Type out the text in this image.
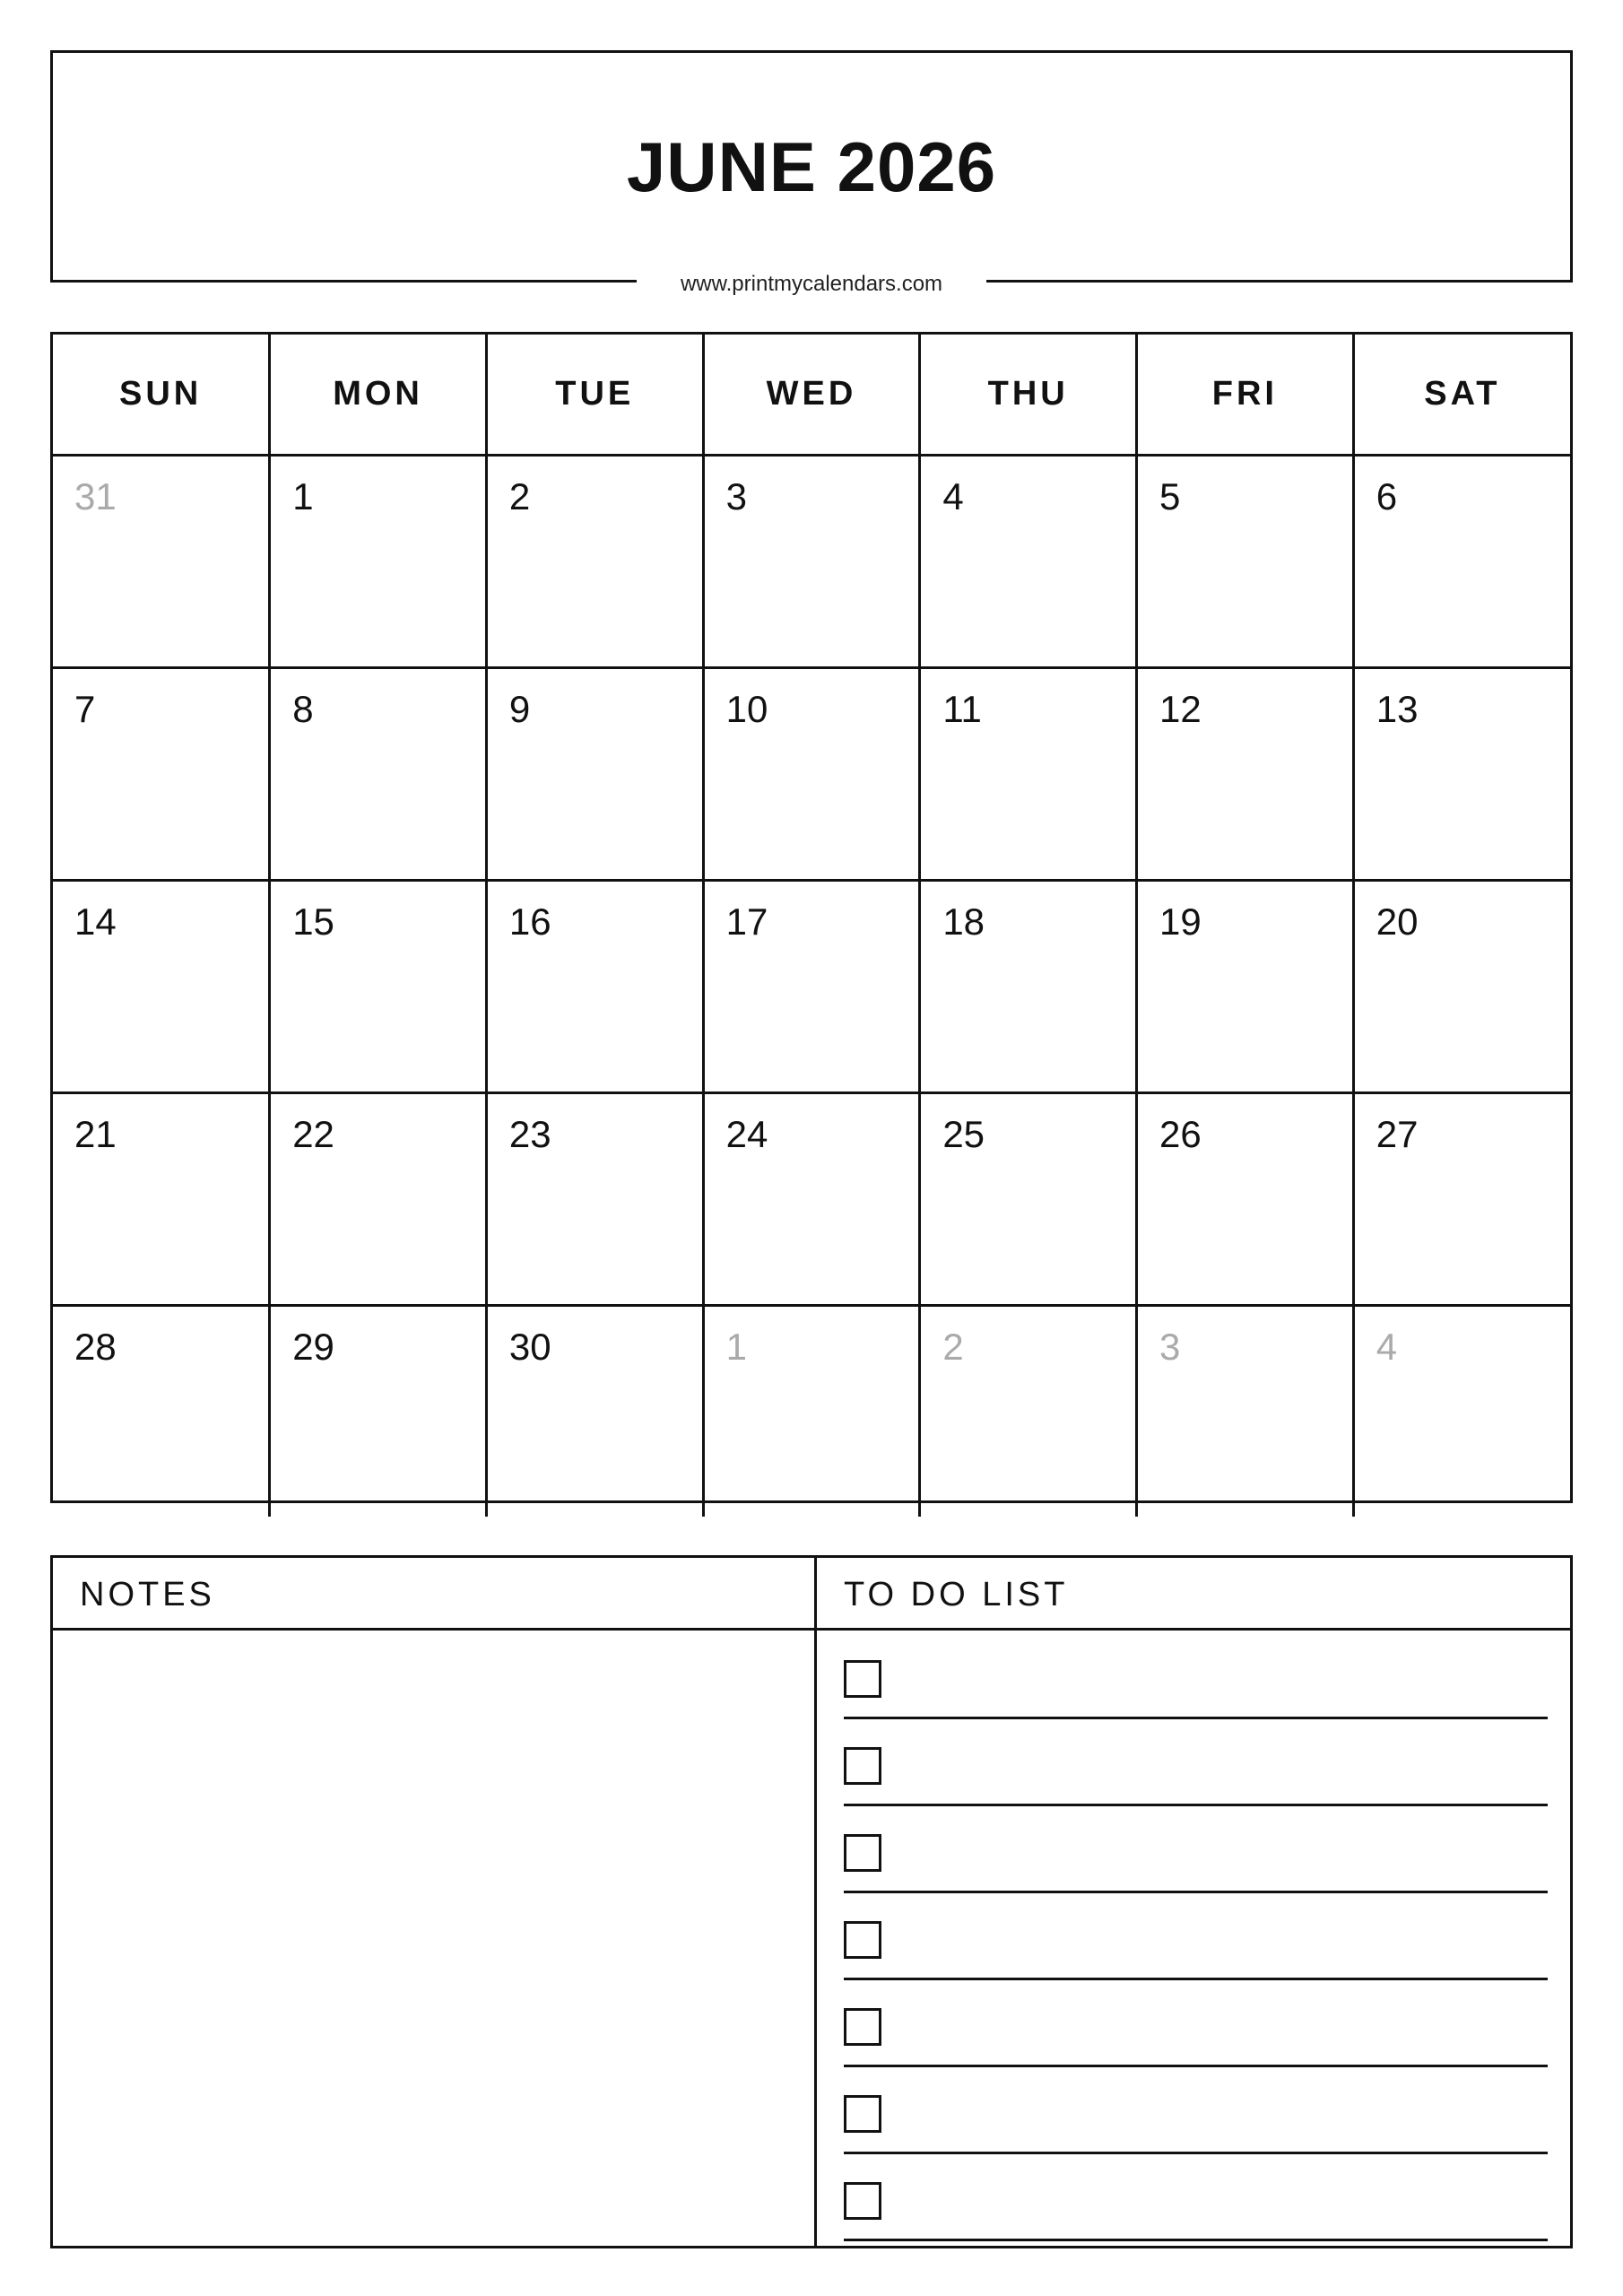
JUNE 2026
www.printmycalendars.com
SUN	MON	TUE	WED	THU	FRI	SAT

31	1	2	3	4	5	6

7	8	9	10	11	12	13

14	15	16	17	18	19	20

21	22	23	24	25	26	27

28	29	30	1	2	3	4
NOTES	TO DO LIST
